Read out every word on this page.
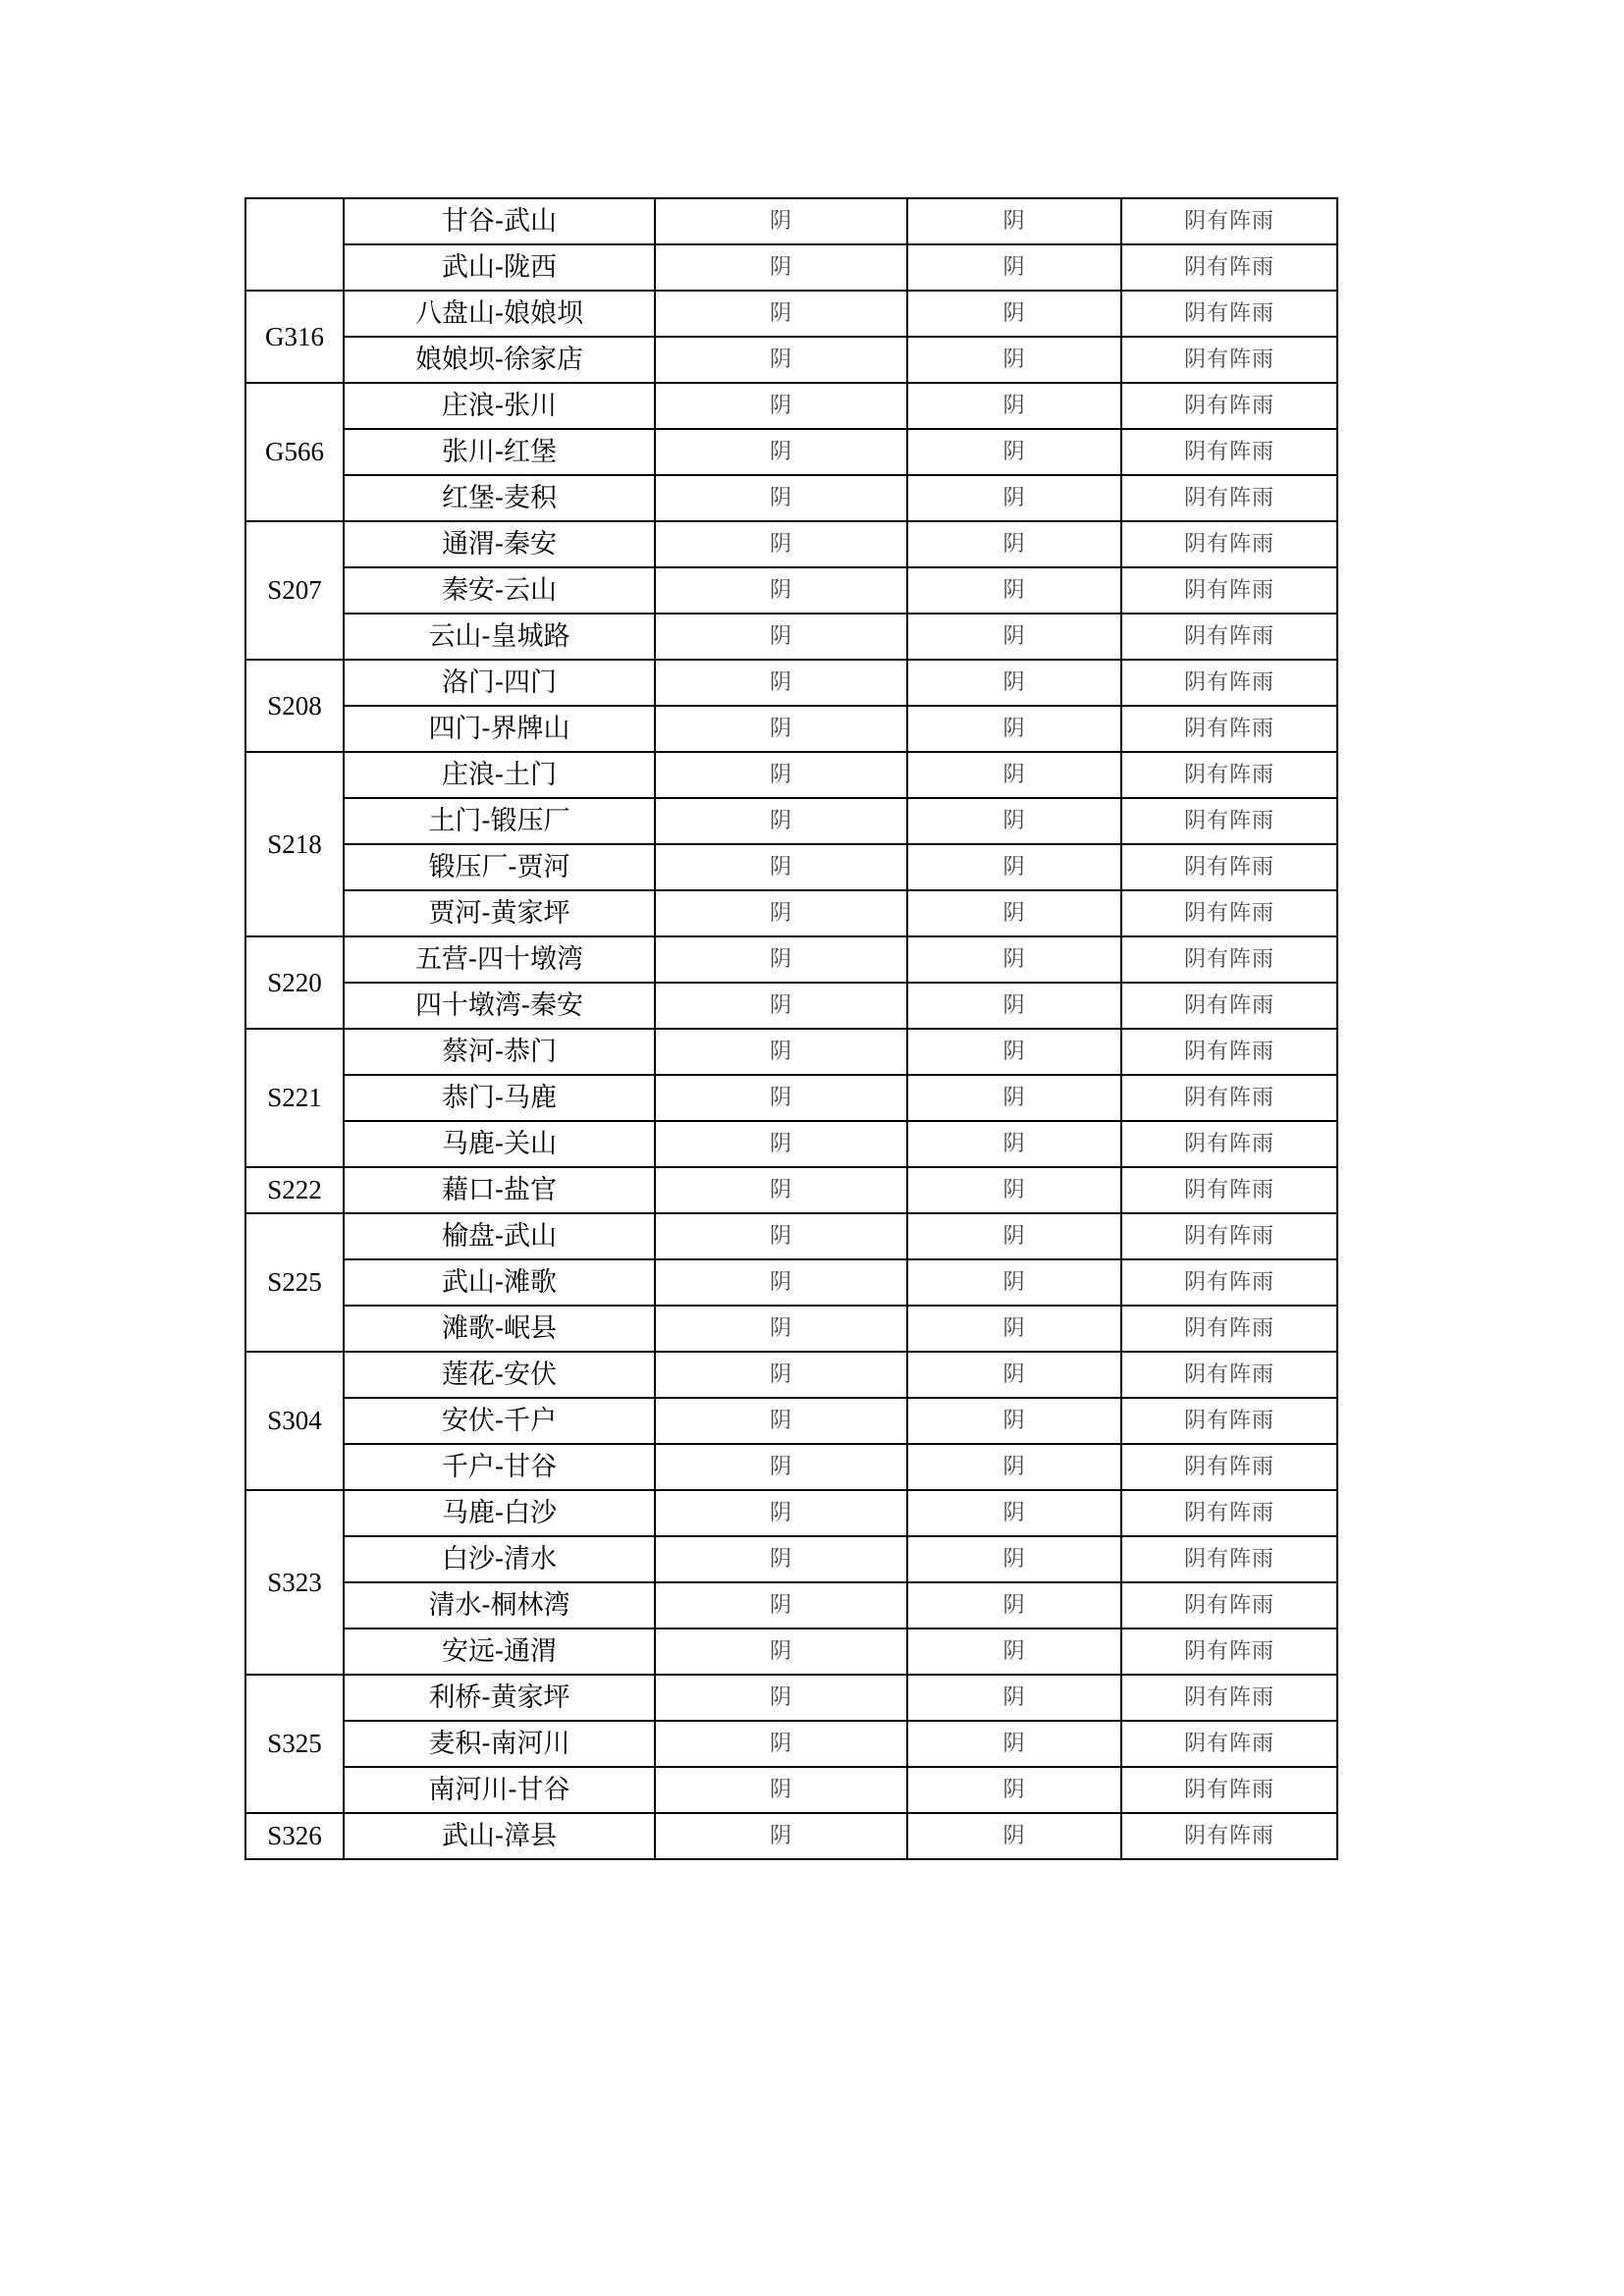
	甘谷-武山	阴	阴	阴有阵雨
	武山-陇西	阴	阴	阴有阵雨
G316	八盘山-娘娘坝	阴	阴	阴有阵雨
	娘娘坝-徐家店	阴	阴	阴有阵雨
G566	庄浪-张川	阴	阴	阴有阵雨
	张川-红堡	阴	阴	阴有阵雨
	红堡-麦积	阴	阴	阴有阵雨
S207	通渭-秦安	阴	阴	阴有阵雨
	秦安-云山	阴	阴	阴有阵雨
	云山-皇城路	阴	阴	阴有阵雨
S208	洛门-四门	阴	阴	阴有阵雨
	四门-界牌山	阴	阴	阴有阵雨
S218	庄浪-土门	阴	阴	阴有阵雨
	土门-锻压厂	阴	阴	阴有阵雨
	锻压厂-贾河	阴	阴	阴有阵雨
	贾河-黄家坪	阴	阴	阴有阵雨
S220	五营-四十墩湾	阴	阴	阴有阵雨
	四十墩湾-秦安	阴	阴	阴有阵雨
S221	蔡河-恭门	阴	阴	阴有阵雨
	恭门-马鹿	阴	阴	阴有阵雨
	马鹿-关山	阴	阴	阴有阵雨
S222	藉口-盐官	阴	阴	阴有阵雨
S225	榆盘-武山	阴	阴	阴有阵雨
	武山-滩歌	阴	阴	阴有阵雨
	滩歌-岷县	阴	阴	阴有阵雨
S304	莲花-安伏	阴	阴	阴有阵雨
	安伏-千户	阴	阴	阴有阵雨
	千户-甘谷	阴	阴	阴有阵雨
S323	马鹿-白沙	阴	阴	阴有阵雨
	白沙-清水	阴	阴	阴有阵雨
	清水-桐林湾	阴	阴	阴有阵雨
	安远-通渭	阴	阴	阴有阵雨
S325	利桥-黄家坪	阴	阴	阴有阵雨
	麦积-南河川	阴	阴	阴有阵雨
	南河川-甘谷	阴	阴	阴有阵雨
S326	武山-漳县	阴	阴	阴有阵雨
